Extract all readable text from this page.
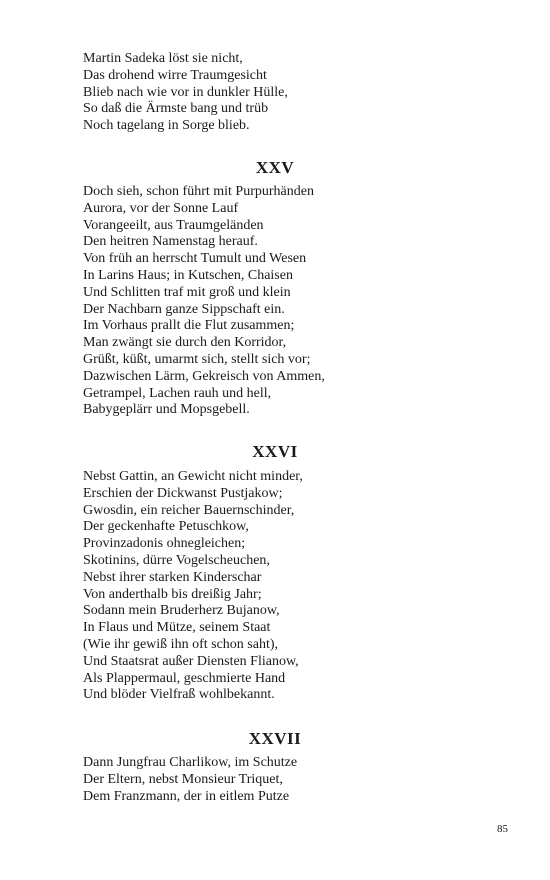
Martin Sadeka löst sie nicht,
Das drohend wirre Traumgesicht
Blieb nach wie vor in dunkler Hülle,
So daß die Ärmste bang und trüb
Noch tagelang in Sorge blieb.
XXV
Doch sieh, schon führt mit Purpurhänden
Aurora, vor der Sonne Lauf
Vorangeeilt, aus Traumgeländen
Den heitren Namenstag herauf.
Von früh an herrscht Tumult und Wesen
In Larins Haus; in Kutschen, Chaisen
Und Schlitten traf mit groß und klein
Der Nachbarn ganze Sippschaft ein.
Im Vorhaus prallt die Flut zusammen;
Man zwängt sie durch den Korridor,
Grüßt, küßt, umarmt sich, stellt sich vor;
Dazwischen Lärm, Gekreisch von Ammen,
Getrampel, Lachen rauh und hell,
Babygeplärr und Mopsgebell.
XXVI
Nebst Gattin, an Gewicht nicht minder,
Erschien der Dickwanst Pustjakow;
Gwosdin, ein reicher Bauernschinder,
Der geckenhafte Petuschkow,
Provinzadonis ohnegleichen;
Skotinins, dürre Vogelscheuchen,
Nebst ihrer starken Kinderschar
Von anderthalb bis dreißig Jahr;
Sodann mein Bruderherz Bujanow,
In Flaus und Mütze, seinem Staat
(Wie ihr gewiß ihn oft schon saht),
Und Staatsrat außer Diensten Flianow,
Als Plappermaul, geschmierte Hand
Und blöder Vielfraß wohlbekannt.
XXVII
Dann Jungfrau Charlikow, im Schutze
Der Eltern, nebst Monsieur Triquet,
Dem Franzmann, der in eitlem Putze
85
